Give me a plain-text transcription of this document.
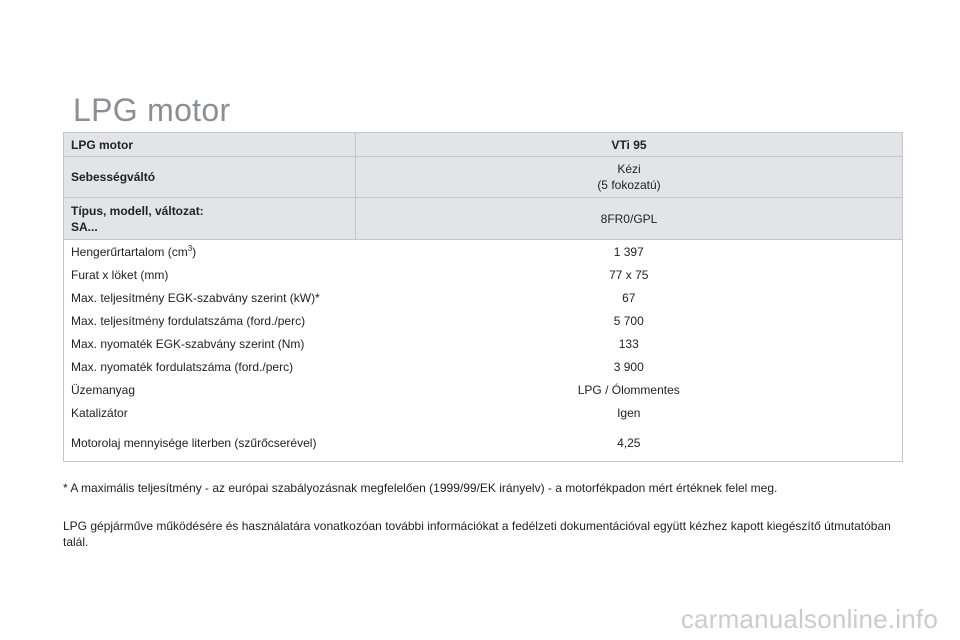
LPG motor
LPG motor	VTi 95
Sebességváltó	Kézi
(5 fokozatú)
Típus, modell, változat:
SA...	8FR0/GPL
Hengerűrtartalom $(cm^3)$	1 397
Furat x löket (mm)	77 x 75
Max. teljesítmény EGK-szabvány szerint (kW)*	67
Max. teljesítmény fordulatszáma (ford./perc)	5 700
Max. nyomaték EGK-szabvány szerint (Nm)	133
Max. nyomaték fordulatszáma (ford./perc)	3 900
Üzemanyag	LPG / Ólommentes
Katalizátor	Igen
Motorolaj mennyisége literben (szűrőcserével)	4,25

* A maximális teljesítmény - az európai szabályozásnak megfelelően (1999/99/EK irányelv) - a motorfékpadon mért értéknek felel meg.

LPG gépjárműve működésére és használatára vonatkozóan további információkat a fedélzeti dokumentációval együtt kézhez kapott kiegészítő útmutatóban talál.

carmanualsonline.info
